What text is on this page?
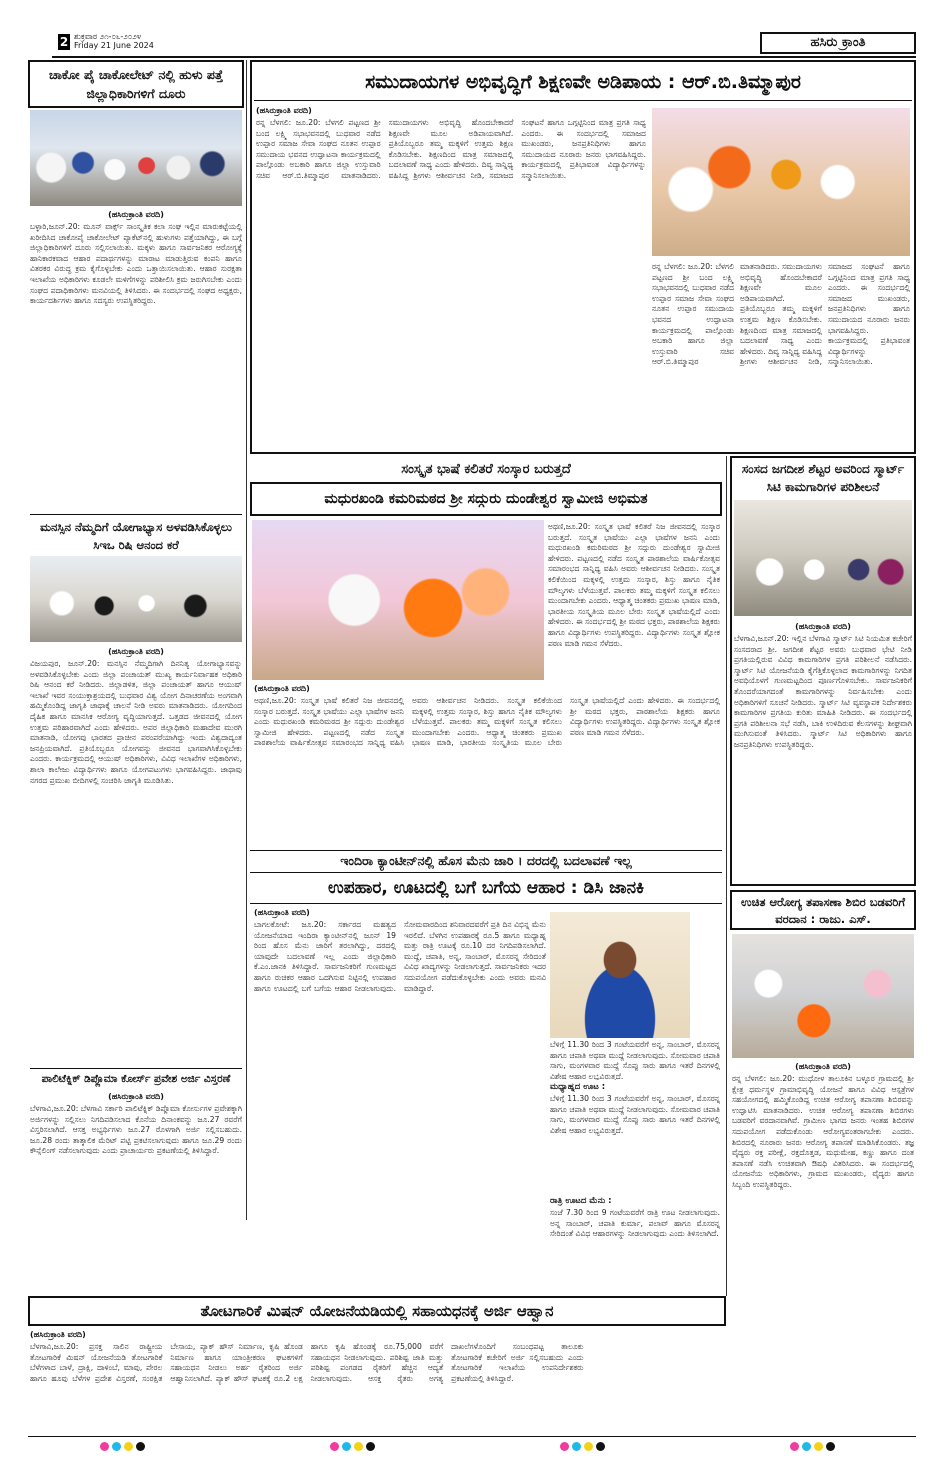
2 ಶುಕ್ರವಾರ ೨೧-೦೬-೨೦೨೪
Friday 21 June 2024	ಹಸಿರು ಕ್ರಾಂತಿ
ಚಾಕೋ ಪೈ ಚಾಕೋಲೇಟ್ ನಲ್ಲಿ ಹುಳು ಪತ್ತೆ ಜಿಲ್ಲಾಧಿಕಾರಿಗಳಿಗೆ ದೂರು
(ಹಸಿರುಕ್ರಾಂತಿ ವರದಿ)
ಬಳ್ಳಾರಿ,ಜೂನ್.20: ಮೂನ್ ವಾರ್ಕ್ಸ್ ಸಾಂಸ್ಕೃತಿಕ ಕಲಾ ಸಂಘ ಇಲ್ಲಿನ ಮಾರುಕಟ್ಟೆಯಲ್ಲಿ ಖರೀದಿಸಿದ ಚಾಕೋಪೈ ಚಾಕೋಲೇಟ್ ಪ್ಯಾಕೆಟ್‌ನಲ್ಲಿ ಹುಳುಗಳು ಪತ್ತೆಯಾಗಿದ್ದು, ಈ ಬಗ್ಗೆ ಜಿಲ್ಲಾಧಿಕಾರಿಗಳಿಗೆ ದೂರು ಸಲ್ಲಿಸಲಾಯಿತು. ಮಕ್ಕಳು ಹಾಗೂ ಸಾರ್ವಜನಿಕರ ಆರೋಗ್ಯಕ್ಕೆ ಹಾನಿಕಾರಕವಾದ ಆಹಾರ ಪದಾರ್ಥಗಳನ್ನು ಮಾರಾಟ ಮಾಡುತ್ತಿರುವ ಕಂಪನಿ ಹಾಗೂ ವಿತರಕರ ವಿರುದ್ಧ ಕ್ರಮ ಕೈಗೊಳ್ಳಬೇಕು ಎಂದು ಒತ್ತಾಯಿಸಲಾಯಿತು. ಆಹಾರ ಸುರಕ್ಷತಾ ಇಲಾಖೆಯ ಅಧಿಕಾರಿಗಳು ಕೂಡಲೇ ಮಳಿಗೆಗಳನ್ನು ಪರಿಶೀಲಿಸಿ ಕ್ರಮ ಜರುಗಿಸಬೇಕು ಎಂದು ಸಂಘದ ಪದಾಧಿಕಾರಿಗಳು ಮನವಿಯಲ್ಲಿ ತಿಳಿಸಿದರು. ಈ ಸಂದರ್ಭದಲ್ಲಿ ಸಂಘದ ಅಧ್ಯಕ್ಷರು, ಕಾರ್ಯದರ್ಶಿಗಳು ಹಾಗೂ ಸದಸ್ಯರು ಉಪಸ್ಥಿತರಿದ್ದರು.
ಮನಸ್ಸಿನ ನೆಮ್ಮದಿಗೆ ಯೋಗಾಭ್ಯಾಸ ಅಳವಡಿಸಿಕೊಳ್ಳಲು ಸಿಇಒ ರಿಷಿ ಆನಂದ ಕರೆ
(ಹಸಿರುಕ್ರಾಂತಿ ವರದಿ)
ವಿಜಯಪುರ, ಜೂನ್.20: ಮನಸ್ಸಿನ ನೆಮ್ಮದಿಗಾಗಿ ದಿನನಿತ್ಯ ಯೋಗಾಭ್ಯಾಸವನ್ನು ಅಳವಡಿಸಿಕೊಳ್ಳಬೇಕು ಎಂದು ಜಿಲ್ಲಾ ಪಂಚಾಯತ್ ಮುಖ್ಯ ಕಾರ್ಯನಿರ್ವಾಹಕ ಅಧಿಕಾರಿ ರಿಷಿ ಆನಂದ ಕರೆ ನೀಡಿದರು. ಜಿಲ್ಲಾಡಳಿತ, ಜಿಲ್ಲಾ ಪಂಚಾಯತ್ ಹಾಗೂ ಆಯುಷ್ ಇಲಾಖೆ ಇವರ ಸಂಯುಕ್ತಾಶ್ರಯದಲ್ಲಿ ಬುಧವಾರ ವಿಶ್ವ ಯೋಗ ದಿನಾಚರಣೆಯ ಅಂಗವಾಗಿ ಹಮ್ಮಿಕೊಂಡಿದ್ದ ಜಾಗೃತಿ ಜಾಥಾಕ್ಕೆ ಚಾಲನೆ ನೀಡಿ ಅವರು ಮಾತನಾಡಿದರು. ಯೋಗದಿಂದ ದೈಹಿಕ ಹಾಗೂ ಮಾನಸಿಕ ಆರೋಗ್ಯ ವೃದ್ಧಿಯಾಗುತ್ತದೆ. ಒತ್ತಡದ ಜೀವನದಲ್ಲಿ ಯೋಗ ಉತ್ತಮ ಪರಿಹಾರವಾಗಿದೆ ಎಂದು ಹೇಳಿದರು. ಅಪರ ಜಿಲ್ಲಾಧಿಕಾರಿ ಮಹಾದೇವ ಮುರಗಿ ಮಾತನಾಡಿ, ಯೋಗವು ಭಾರತದ ಪ್ರಾಚೀನ ಪರಂಪರೆಯಾಗಿದ್ದು ಇಂದು ವಿಶ್ವದಾದ್ಯಂತ ಜನಪ್ರಿಯವಾಗಿದೆ. ಪ್ರತಿಯೊಬ್ಬರೂ ಯೋಗವನ್ನು ಜೀವನದ ಭಾಗವಾಗಿಸಿಕೊಳ್ಳಬೇಕು ಎಂದರು. ಕಾರ್ಯಕ್ರಮದಲ್ಲಿ ಆಯುಷ್ ಅಧಿಕಾರಿಗಳು, ವಿವಿಧ ಇಲಾಖೆಗಳ ಅಧಿಕಾರಿಗಳು, ಶಾಲಾ ಕಾಲೇಜು ವಿದ್ಯಾರ್ಥಿಗಳು ಹಾಗೂ ಯೋಗಪಟುಗಳು ಭಾಗವಹಿಸಿದ್ದರು. ಜಾಥಾವು ನಗರದ ಪ್ರಮುಖ ಬೀದಿಗಳಲ್ಲಿ ಸಂಚರಿಸಿ ಜಾಗೃತಿ ಮೂಡಿಸಿತು.
ಪಾಲಿಟೆಕ್ನಿಕ್ ಡಿಪ್ಲೊಮಾ ಕೋರ್ಸ್ ಪ್ರವೇಶ ಅರ್ಜಿ ವಿಸ್ತರಣೆ
(ಹಸಿರುಕ್ರಾಂತಿ ವರದಿ)
ಬೆಳಗಾವಿ,ಜೂ.20: ಬೆಳಗಾವಿ ಸರ್ಕಾರಿ ಪಾಲಿಟೆಕ್ನಿಕ್ ಡಿಪ್ಲೊಮಾ ಕೋರ್ಸುಗಳ ಪ್ರವೇಶಕ್ಕಾಗಿ ಅರ್ಜಿಗಳನ್ನು ಸಲ್ಲಿಸಲು ನಿಗದಿಪಡಿಸಲಾದ ಕೊನೆಯ ದಿನಾಂಕವನ್ನು ಜೂ.27 ರವರೆಗೆ ವಿಸ್ತರಿಸಲಾಗಿದೆ. ಆಸಕ್ತ ಅಭ್ಯರ್ಥಿಗಳು ಜೂ.27 ರೊಳಗಾಗಿ ಅರ್ಜಿ ಸಲ್ಲಿಸಬಹುದು. ಜೂ.28 ರಂದು ತಾತ್ಕಾಲಿಕ ಮೆರಿಟ್ ಪಟ್ಟಿ ಪ್ರಕಟಿಸಲಾಗುವುದು ಹಾಗೂ ಜೂ.29 ರಂದು ಕೌನ್ಸೆಲಿಂಗ್ ನಡೆಸಲಾಗುವುದು ಎಂದು ಪ್ರಾಚಾರ್ಯರು ಪ್ರಕಟಣೆಯಲ್ಲಿ ತಿಳಿಸಿದ್ದಾರೆ.
ಸಮುದಾಯಗಳ ಅಭಿವೃದ್ಧಿಗೆ ಶಿಕ್ಷಣವೇ ಅಡಿಪಾಯ : ಆರ್.ಬಿ.ತಿಮ್ಮಾಪುರ
(ಹಸಿರುಕ್ರಾಂತಿ ವರದಿ)
ರನ್ನ ಬೆಳಗಲಿ: ಜೂ.20: ಬೆಳಗಲಿ ಪಟ್ಟಣದ ಶ್ರೀ ಬಂದ ಲಕ್ಷ್ಮಿ ಸಭಾಭವನದಲ್ಲಿ ಬುಧವಾರ ನಡೆದ ಉಪ್ಪಾರ ಸಮಾಜ ಸೇವಾ ಸಂಘದ ನೂತನ ಉಪ್ಪಾರ ಸಮುದಾಯ ಭವನದ ಉದ್ಘಾಟನಾ ಕಾರ್ಯಕ್ರಮದಲ್ಲಿ ಪಾಲ್ಗೊಂಡು ಅಬಕಾರಿ ಹಾಗೂ ಜಿಲ್ಲಾ ಉಸ್ತುವಾರಿ ಸಚಿವ ಆರ್.ಬಿ.ತಿಮ್ಮಾಪುರ ಮಾತನಾಡಿದರು. ಸಮುದಾಯಗಳು ಅಭಿವೃದ್ಧಿ ಹೊಂದಬೇಕಾದರೆ ಶಿಕ್ಷಣವೇ ಮೂಲ ಅಡಿಪಾಯವಾಗಿದೆ. ಪ್ರತಿಯೊಬ್ಬರೂ ತಮ್ಮ ಮಕ್ಕಳಿಗೆ ಉತ್ತಮ ಶಿಕ್ಷಣ ಕೊಡಿಸಬೇಕು. ಶಿಕ್ಷಣದಿಂದ ಮಾತ್ರ ಸಮಾಜದಲ್ಲಿ ಬದಲಾವಣೆ ಸಾಧ್ಯ ಎಂದು ಹೇಳಿದರು. ದಿವ್ಯ ಸಾನ್ನಿಧ್ಯ ವಹಿಸಿದ್ದ ಶ್ರೀಗಳು ಆಶೀರ್ವಚನ ನೀಡಿ, ಸಮಾಜದ ಸಂಘಟನೆ ಹಾಗೂ ಒಗ್ಗಟ್ಟಿನಿಂದ ಮಾತ್ರ ಪ್ರಗತಿ ಸಾಧ್ಯ ಎಂದರು. ಈ ಸಂದರ್ಭದಲ್ಲಿ ಸಮಾಜದ ಮುಖಂಡರು, ಜನಪ್ರತಿನಿಧಿಗಳು ಹಾಗೂ ಸಮುದಾಯದ ನೂರಾರು ಜನರು ಭಾಗವಹಿಸಿದ್ದರು. ಕಾರ್ಯಕ್ರಮದಲ್ಲಿ ಪ್ರತಿಭಾವಂತ ವಿದ್ಯಾರ್ಥಿಗಳನ್ನು ಸನ್ಮಾನಿಸಲಾಯಿತು.
ರನ್ನ ಬೆಳಗಲಿ: ಜೂ.20: ಬೆಳಗಲಿ ಪಟ್ಟಣದ ಶ್ರೀ ಬಂದ ಲಕ್ಷ್ಮಿ ಸಭಾಭವನದಲ್ಲಿ ಬುಧವಾರ ನಡೆದ ಉಪ್ಪಾರ ಸಮಾಜ ಸೇವಾ ಸಂಘದ ನೂತನ ಉಪ್ಪಾರ ಸಮುದಾಯ ಭವನದ ಉದ್ಘಾಟನಾ ಕಾರ್ಯಕ್ರಮದಲ್ಲಿ ಪಾಲ್ಗೊಂಡು ಅಬಕಾರಿ ಹಾಗೂ ಜಿಲ್ಲಾ ಉಸ್ತುವಾರಿ ಸಚಿವ ಆರ್.ಬಿ.ತಿಮ್ಮಾಪುರ ಮಾತನಾಡಿದರು. ಸಮುದಾಯಗಳು ಅಭಿವೃದ್ಧಿ ಹೊಂದಬೇಕಾದರೆ ಶಿಕ್ಷಣವೇ ಮೂಲ ಅಡಿಪಾಯವಾಗಿದೆ. ಪ್ರತಿಯೊಬ್ಬರೂ ತಮ್ಮ ಮಕ್ಕಳಿಗೆ ಉತ್ತಮ ಶಿಕ್ಷಣ ಕೊಡಿಸಬೇಕು. ಶಿಕ್ಷಣದಿಂದ ಮಾತ್ರ ಸಮಾಜದಲ್ಲಿ ಬದಲಾವಣೆ ಸಾಧ್ಯ ಎಂದು ಹೇಳಿದರು. ದಿವ್ಯ ಸಾನ್ನಿಧ್ಯ ವಹಿಸಿದ್ದ ಶ್ರೀಗಳು ಆಶೀರ್ವಚನ ನೀಡಿ, ಸಮಾಜದ ಸಂಘಟನೆ ಹಾಗೂ ಒಗ್ಗಟ್ಟಿನಿಂದ ಮಾತ್ರ ಪ್ರಗತಿ ಸಾಧ್ಯ ಎಂದರು. ಈ ಸಂದರ್ಭದಲ್ಲಿ ಸಮಾಜದ ಮುಖಂಡರು, ಜನಪ್ರತಿನಿಧಿಗಳು ಹಾಗೂ ಸಮುದಾಯದ ನೂರಾರು ಜನರು ಭಾಗವಹಿಸಿದ್ದರು. ಕಾರ್ಯಕ್ರಮದಲ್ಲಿ ಪ್ರತಿಭಾವಂತ ವಿದ್ಯಾರ್ಥಿಗಳನ್ನು ಸನ್ಮಾನಿಸಲಾಯಿತು.
ಸಂಸ್ಕೃತ ಭಾಷೆ ಕಲಿತರೆ ಸಂಸ್ಕಾರ ಬರುತ್ತದೆ
ಮಧುರಖಂಡಿ ಕಮರಿಮಠದ ಶ್ರೀ ಸದ್ಗುರು ದುಂಡೇಶ್ವರ ಸ್ವಾಮೀಜಿ ಅಭಿಮತ
ಅಥಣಿ,ಜೂ.20: ಸಂಸ್ಕೃತ ಭಾಷೆ ಕಲಿತರೆ ನಿಜ ಜೀವನದಲ್ಲಿ ಸಂಸ್ಕಾರ ಬರುತ್ತದೆ. ಸಂಸ್ಕೃತ ಭಾಷೆಯು ಎಲ್ಲಾ ಭಾಷೆಗಳ ಜನನಿ ಎಂದು ಮಧುರಖಂಡಿ ಕಮರಿಮಠದ ಶ್ರೀ ಸದ್ಗುರು ದುಂಡೇಶ್ವರ ಸ್ವಾಮೀಜಿ ಹೇಳಿದರು. ಪಟ್ಟಣದಲ್ಲಿ ನಡೆದ ಸಂಸ್ಕೃತ ಪಾಠಶಾಲೆಯ ವಾರ್ಷಿಕೋತ್ಸವ ಸಮಾರಂಭದ ಸಾನ್ನಿಧ್ಯ ವಹಿಸಿ ಅವರು ಆಶೀರ್ವಚನ ನೀಡಿದರು. ಸಂಸ್ಕೃತ ಕಲಿಕೆಯಿಂದ ಮಕ್ಕಳಲ್ಲಿ ಉತ್ತಮ ಸಂಸ್ಕಾರ, ಶಿಸ್ತು ಹಾಗೂ ನೈತಿಕ ಮೌಲ್ಯಗಳು ಬೆಳೆಯುತ್ತವೆ. ಪಾಲಕರು ತಮ್ಮ ಮಕ್ಕಳಿಗೆ ಸಂಸ್ಕೃತ ಕಲಿಸಲು ಮುಂದಾಗಬೇಕು ಎಂದರು. ಆಧ್ಯಾತ್ಮ ಚಿಂತಕರು ಪ್ರಮುಖ ಭಾಷಣ ಮಾಡಿ, ಭಾರತೀಯ ಸಂಸ್ಕೃತಿಯ ಮೂಲ ಬೇರು ಸಂಸ್ಕೃತ ಭಾಷೆಯಲ್ಲಿದೆ ಎಂದು ಹೇಳಿದರು. ಈ ಸಂದರ್ಭದಲ್ಲಿ ಶ್ರೀ ಮಠದ ಭಕ್ತರು, ಪಾಠಶಾಲೆಯ ಶಿಕ್ಷಕರು ಹಾಗೂ ವಿದ್ಯಾರ್ಥಿಗಳು ಉಪಸ್ಥಿತರಿದ್ದರು. ವಿದ್ಯಾರ್ಥಿಗಳು ಸಂಸ್ಕೃತ ಶ್ಲೋಕ ಪಠಣ ಮಾಡಿ ಗಮನ ಸೆಳೆದರು.
(ಹಸಿರುಕ್ರಾಂತಿ ವರದಿ)
ಅಥಣಿ,ಜೂ.20: ಸಂಸ್ಕೃತ ಭಾಷೆ ಕಲಿತರೆ ನಿಜ ಜೀವನದಲ್ಲಿ ಸಂಸ್ಕಾರ ಬರುತ್ತದೆ. ಸಂಸ್ಕೃತ ಭಾಷೆಯು ಎಲ್ಲಾ ಭಾಷೆಗಳ ಜನನಿ ಎಂದು ಮಧುರಖಂಡಿ ಕಮರಿಮಠದ ಶ್ರೀ ಸದ್ಗುರು ದುಂಡೇಶ್ವರ ಸ್ವಾಮೀಜಿ ಹೇಳಿದರು. ಪಟ್ಟಣದಲ್ಲಿ ನಡೆದ ಸಂಸ್ಕೃತ ಪಾಠಶಾಲೆಯ ವಾರ್ಷಿಕೋತ್ಸವ ಸಮಾರಂಭದ ಸಾನ್ನಿಧ್ಯ ವಹಿಸಿ ಅವರು ಆಶೀರ್ವಚನ ನೀಡಿದರು. ಸಂಸ್ಕೃತ ಕಲಿಕೆಯಿಂದ ಮಕ್ಕಳಲ್ಲಿ ಉತ್ತಮ ಸಂಸ್ಕಾರ, ಶಿಸ್ತು ಹಾಗೂ ನೈತಿಕ ಮೌಲ್ಯಗಳು ಬೆಳೆಯುತ್ತವೆ. ಪಾಲಕರು ತಮ್ಮ ಮಕ್ಕಳಿಗೆ ಸಂಸ್ಕೃತ ಕಲಿಸಲು ಮುಂದಾಗಬೇಕು ಎಂದರು. ಆಧ್ಯಾತ್ಮ ಚಿಂತಕರು ಪ್ರಮುಖ ಭಾಷಣ ಮಾಡಿ, ಭಾರತೀಯ ಸಂಸ್ಕೃತಿಯ ಮೂಲ ಬೇರು ಸಂಸ್ಕೃತ ಭಾಷೆಯಲ್ಲಿದೆ ಎಂದು ಹೇಳಿದರು. ಈ ಸಂದರ್ಭದಲ್ಲಿ ಶ್ರೀ ಮಠದ ಭಕ್ತರು, ಪಾಠಶಾಲೆಯ ಶಿಕ್ಷಕರು ಹಾಗೂ ವಿದ್ಯಾರ್ಥಿಗಳು ಉಪಸ್ಥಿತರಿದ್ದರು. ವಿದ್ಯಾರ್ಥಿಗಳು ಸಂಸ್ಕೃತ ಶ್ಲೋಕ ಪಠಣ ಮಾಡಿ ಗಮನ ಸೆಳೆದರು.
ಇಂದಿರಾ ಕ್ಯಾಂಟೀನ್‌ನಲ್ಲಿ ಹೊಸ ಮೆನು ಜಾರಿ । ದರದಲ್ಲಿ ಬದಲಾವಣೆ ಇಲ್ಲ
ಉಪಹಾರ, ಊಟದಲ್ಲಿ ಬಗೆ ಬಗೆಯ ಆಹಾರ : ಡಿಸಿ ಜಾನಕಿ
(ಹಸಿರುಕ್ರಾಂತಿ ವರದಿ)
ಬಾಗಲಕೋಟೆ: ಜೂ.20: ಸರ್ಕಾರದ ಮಹತ್ವದ ಯೋಜನೆಯಾದ ಇಂದಿರಾ ಕ್ಯಾಂಟೀನ್‌ನಲ್ಲಿ ಜೂನ್ 19 ರಿಂದ ಹೊಸ ಮೆನು ಜಾರಿಗೆ ತರಲಾಗಿದ್ದು, ದರದಲ್ಲಿ ಯಾವುದೇ ಬದಲಾವಣೆ ಇಲ್ಲ ಎಂದು ಜಿಲ್ಲಾಧಿಕಾರಿ ಕೆ.ಎಂ.ಜಾನಕಿ ತಿಳಿಸಿದ್ದಾರೆ. ಸಾರ್ವಜನಿಕರಿಗೆ ಗುಣಮಟ್ಟದ ಹಾಗೂ ರುಚಿಕರ ಆಹಾರ ಒದಗಿಸುವ ನಿಟ್ಟಿನಲ್ಲಿ ಉಪಹಾರ ಹಾಗೂ ಊಟದಲ್ಲಿ ಬಗೆ ಬಗೆಯ ಆಹಾರ ನೀಡಲಾಗುವುದು. ಸೋಮವಾರದಿಂದ ಶನಿವಾರದವರೆಗೆ ಪ್ರತಿ ದಿನ ವಿಭಿನ್ನ ಮೆನು ಇರಲಿದೆ. ಬೆಳಗಿನ ಉಪಹಾರಕ್ಕೆ ರೂ.5 ಹಾಗೂ ಮಧ್ಯಾಹ್ನ ಮತ್ತು ರಾತ್ರಿ ಊಟಕ್ಕೆ ರೂ.10 ದರ ನಿಗದಿಪಡಿಸಲಾಗಿದೆ. ಮುದ್ದೆ, ಚಪಾತಿ, ಅನ್ನ, ಸಾಂಬಾರ್, ಮೊಸರನ್ನ ಸೇರಿದಂತೆ ವಿವಿಧ ಖಾದ್ಯಗಳನ್ನು ನೀಡಲಾಗುತ್ತದೆ. ಸಾರ್ವಜನಿಕರು ಇದರ ಸದುಪಯೋಗ ಪಡೆದುಕೊಳ್ಳಬೇಕು ಎಂದು ಅವರು ಮನವಿ ಮಾಡಿದ್ದಾರೆ.
ಬೆಳಿಗ್ಗೆ 11.30 ರಿಂದ 3 ಗಂಟೆಯವರೆಗೆ ಅನ್ನ, ಸಾಂಬಾರ್, ಮೊಸರನ್ನ ಹಾಗೂ ಚಪಾತಿ ಅಥವಾ ಮುದ್ದೆ ನೀಡಲಾಗುವುದು. ಸೋಮವಾರ ಚಪಾತಿ ಸಾಗು, ಮಂಗಳವಾರ ಮುದ್ದೆ ಸೊಪ್ಪು ಸಾರು ಹಾಗೂ ಇತರೆ ದಿನಗಳಲ್ಲಿ ವಿಶೇಷ ಆಹಾರ ಲಭ್ಯವಿರುತ್ತದೆ.
ಮಧ್ಯಾಹ್ನದ ಊಟ :
ಬೆಳಿಗ್ಗೆ 11.30 ರಿಂದ 3 ಗಂಟೆಯವರೆಗೆ ಅನ್ನ, ಸಾಂಬಾರ್, ಮೊಸರನ್ನ ಹಾಗೂ ಚಪಾತಿ ಅಥವಾ ಮುದ್ದೆ ನೀಡಲಾಗುವುದು. ಸೋಮವಾರ ಚಪಾತಿ ಸಾಗು, ಮಂಗಳವಾರ ಮುದ್ದೆ ಸೊಪ್ಪು ಸಾರು ಹಾಗೂ ಇತರೆ ದಿನಗಳಲ್ಲಿ ವಿಶೇಷ ಆಹಾರ ಲಭ್ಯವಿರುತ್ತದೆ.
ರಾತ್ರಿ ಊಟದ ಮೆನು :
ಸಂಜೆ 7.30 ರಿಂದ 9 ಗಂಟೆಯವರೆಗೆ ರಾತ್ರಿ ಊಟ ನೀಡಲಾಗುವುದು. ಅನ್ನ ಸಾಂಬಾರ್, ಚಪಾತಿ ಕುರ್ಮಾ, ಪಲಾವ್ ಹಾಗೂ ಮೊಸರನ್ನ ಸೇರಿದಂತೆ ವಿವಿಧ ಆಹಾರಗಳನ್ನು ನೀಡಲಾಗುವುದು ಎಂದು ತಿಳಿಸಲಾಗಿದೆ.
ಸಂಸದ ಜಗದೀಶ ಶೆಟ್ಟರ ಅವರಿಂದ ಸ್ಮಾರ್ಟ್ ಸಿಟಿ ಕಾಮಗಾರಿಗಳ ಪರಿಶೀಲನೆ
(ಹಸಿರುಕ್ರಾಂತಿ ವರದಿ)
ಬೆಳಗಾವಿ,ಜೂನ್.20: ಇಲ್ಲಿನ ಬೆಳಗಾವಿ ಸ್ಮಾರ್ಟ್ ಸಿಟಿ ನಿಯಮಿತ ಕಚೇರಿಗೆ ಸಂಸದರಾದ ಶ್ರೀ. ಜಗದೀಶ ಶೆಟ್ಟರ ಅವರು ಬುಧವಾರ ಭೇಟಿ ನೀಡಿ ಪ್ರಗತಿಯಲ್ಲಿರುವ ವಿವಿಧ ಕಾಮಗಾರಿಗಳ ಪ್ರಗತಿ ಪರಿಶೀಲನೆ ನಡೆಸಿದರು. ಸ್ಮಾರ್ಟ್ ಸಿಟಿ ಯೋಜನೆಯಡಿ ಕೈಗೆತ್ತಿಕೊಳ್ಳಲಾದ ಕಾಮಗಾರಿಗಳನ್ನು ನಿಗದಿತ ಅವಧಿಯೊಳಗೆ ಗುಣಮಟ್ಟದಿಂದ ಪೂರ್ಣಗೊಳಿಸಬೇಕು. ಸಾರ್ವಜನಿಕರಿಗೆ ತೊಂದರೆಯಾಗದಂತೆ ಕಾಮಗಾರಿಗಳನ್ನು ನಿರ್ವಹಿಸಬೇಕು ಎಂದು ಅಧಿಕಾರಿಗಳಿಗೆ ಸೂಚನೆ ನೀಡಿದರು. ಸ್ಮಾರ್ಟ್ ಸಿಟಿ ವ್ಯವಸ್ಥಾಪಕ ನಿರ್ದೇಶಕರು ಕಾಮಗಾರಿಗಳ ಪ್ರಗತಿಯ ಕುರಿತು ಮಾಹಿತಿ ನೀಡಿದರು. ಈ ಸಂದರ್ಭದಲ್ಲಿ ಪ್ರಗತಿ ಪರಿಶೀಲನಾ ಸಭೆ ನಡೆಸಿ, ಬಾಕಿ ಉಳಿದಿರುವ ಕೆಲಸಗಳನ್ನು ಶೀಘ್ರವಾಗಿ ಮುಗಿಸುವಂತೆ ತಿಳಿಸಿದರು. ಸ್ಮಾರ್ಟ್ ಸಿಟಿ ಅಧಿಕಾರಿಗಳು ಹಾಗೂ ಜನಪ್ರತಿನಿಧಿಗಳು ಉಪಸ್ಥಿತರಿದ್ದರು.
ಉಚಿತ ಆರೋಗ್ಯ ತಪಾಸಣಾ ಶಿಬಿರ ಬಡವರಿಗೆ ವರದಾನ : ರಾಜು. ಎಸ್.
(ಹಸಿರುಕ್ರಾಂತಿ ವರದಿ)
ರನ್ನ ಬೆಳಗಲಿ: ಜೂ.20: ಮುಧೋಳ ತಾಲೂಕಿನ ಬಳ್ಳೂರ ಗ್ರಾಮದಲ್ಲಿ ಶ್ರೀ ಕ್ಷೇತ್ರ ಧರ್ಮಸ್ಥಳ ಗ್ರಾಮಾಭಿವೃದ್ಧಿ ಯೋಜನೆ ಹಾಗೂ ವಿವಿಧ ಆಸ್ಪತ್ರೆಗಳ ಸಹಯೋಗದಲ್ಲಿ ಹಮ್ಮಿಕೊಂಡಿದ್ದ ಉಚಿತ ಆರೋಗ್ಯ ತಪಾಸಣಾ ಶಿಬಿರವನ್ನು ಉದ್ಘಾಟಿಸಿ ಮಾತನಾಡಿದರು. ಉಚಿತ ಆರೋಗ್ಯ ತಪಾಸಣಾ ಶಿಬಿರಗಳು ಬಡವರಿಗೆ ವರದಾನವಾಗಿವೆ. ಗ್ರಾಮೀಣ ಭಾಗದ ಜನರು ಇಂತಹ ಶಿಬಿರಗಳ ಸದುಪಯೋಗ ಪಡೆದುಕೊಂಡು ಆರೋಗ್ಯವಂತರಾಗಬೇಕು ಎಂದರು. ಶಿಬಿರದಲ್ಲಿ ನೂರಾರು ಜನರು ಆರೋಗ್ಯ ತಪಾಸಣೆ ಮಾಡಿಸಿಕೊಂಡರು. ತಜ್ಞ ವೈದ್ಯರು ರಕ್ತ ಪರೀಕ್ಷೆ, ರಕ್ತದೊತ್ತಡ, ಮಧುಮೇಹ, ಕಣ್ಣು ಹಾಗೂ ದಂತ ತಪಾಸಣೆ ನಡೆಸಿ ಉಚಿತವಾಗಿ ಔಷಧಿ ವಿತರಿಸಿದರು. ಈ ಸಂದರ್ಭದಲ್ಲಿ ಯೋಜನೆಯ ಅಧಿಕಾರಿಗಳು, ಗ್ರಾಮದ ಮುಖಂಡರು, ವೈದ್ಯರು ಹಾಗೂ ಸಿಬ್ಬಂದಿ ಉಪಸ್ಥಿತರಿದ್ದರು.
ತೋಟಗಾರಿಕೆ ಮಿಷನ್ ಯೋಜನೆಯಡಿಯಲ್ಲಿ ಸಹಾಯಧನಕ್ಕೆ ಅರ್ಜಿ ಆಹ್ವಾನ
(ಹಸಿರುಕ್ರಾಂತಿ ವರದಿ)
ಬೆಳಗಾವಿ,ಜೂ.20: ಪ್ರಸಕ್ತ ಸಾಲಿನ ರಾಷ್ಟ್ರೀಯ ತೋಟಗಾರಿಕೆ ಮಿಷನ್ ಯೋಜನೆಯಡಿ ತೋಟಗಾರಿಕೆ ಬೆಳೆಗಳಾದ ಬಾಳೆ, ದ್ರಾಕ್ಷಿ, ದಾಳಿಂಬೆ, ಮಾವು, ಪೇರಲ ಹಾಗೂ ಹೂವು ಬೆಳೆಗಳ ಪ್ರದೇಶ ವಿಸ್ತರಣೆ, ಸಂರಕ್ಷಿತ ಬೇಸಾಯ, ಪ್ಯಾಕ್ ಹೌಸ್ ನಿರ್ಮಾಣ, ಕೃಷಿ ಹೊಂಡ ನಿರ್ಮಾಣ ಹಾಗೂ ಯಾಂತ್ರೀಕರಣ ಘಟಕಗಳಿಗೆ ಸಹಾಯಧನ ನೀಡಲು ಅರ್ಹ ರೈತರಿಂದ ಅರ್ಜಿ ಆಹ್ವಾನಿಸಲಾಗಿದೆ. ಪ್ಯಾಕ್ ಹೌಸ್ ಘಟಕಕ್ಕೆ ರೂ.2 ಲಕ್ಷ ಹಾಗೂ ಕೃಷಿ ಹೊಂಡಕ್ಕೆ ರೂ.75,000 ವರೆಗೆ ಸಹಾಯಧನ ನೀಡಲಾಗುವುದು. ಪರಿಶಿಷ್ಟ ಜಾತಿ ಮತ್ತು ಪರಿಶಿಷ್ಟ ಪಂಗಡದ ರೈತರಿಗೆ ಹೆಚ್ಚಿನ ಆದ್ಯತೆ ನೀಡಲಾಗುವುದು. ಆಸಕ್ತ ರೈತರು ಅಗತ್ಯ ದಾಖಲೆಗಳೊಂದಿಗೆ ಸಂಬಂಧಪಟ್ಟ ತಾಲೂಕು ತೋಟಗಾರಿಕೆ ಕಚೇರಿಗೆ ಅರ್ಜಿ ಸಲ್ಲಿಸಬಹುದು ಎಂದು ತೋಟಗಾರಿಕೆ ಇಲಾಖೆಯ ಉಪನಿರ್ದೇಶಕರು ಪ್ರಕಟಣೆಯಲ್ಲಿ ತಿಳಿಸಿದ್ದಾರೆ.
